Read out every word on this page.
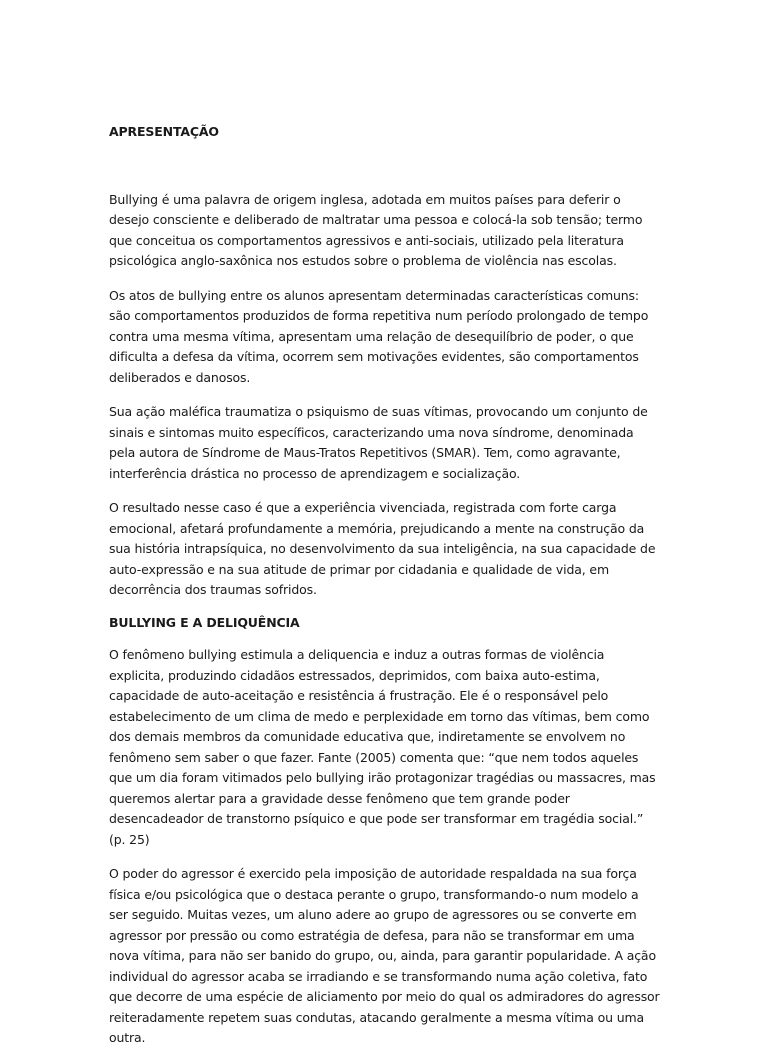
APRESENTAÇÃO

Bullying é uma palavra de origem inglesa, adotada em muitos países para deferir o desejo consciente e deliberado de maltratar uma pessoa e colocá-la sob tensão; termo que conceitua os comportamentos agressivos e anti-sociais, utilizado pela literatura psicológica anglo-saxônica nos estudos sobre o problema de violência nas escolas.

Os atos de bullying entre os alunos apresentam determinadas características comuns: são comportamentos produzidos de forma repetitiva num período prolongado de tempo contra uma mesma vítima, apresentam uma relação de desequilíbrio de poder, o que dificulta a defesa da vítima, ocorrem sem motivações evidentes, são comportamentos deliberados e danosos.

Sua ação maléfica traumatiza o psiquismo de suas vítimas, provocando um conjunto de sinais e sintomas muito específicos, caracterizando uma nova síndrome, denominada pela autora de Síndrome de Maus-Tratos Repetitivos (SMAR). Tem, como agravante, interferência drástica no processo de aprendizagem e socialização.

O resultado nesse caso é que a experiência vivenciada, registrada com forte carga emocional, afetará profundamente a memória, prejudicando a mente na construção da sua história intrapsíquica, no desenvolvimento da sua inteligência, na sua capacidade de auto-expressão e na sua atitude de primar por cidadania e qualidade de vida, em decorrência dos traumas sofridos.

BULLYING E A DELIQUÊNCIA

O fenômeno bullying estimula a deliquencia e induz a outras formas de violência explicita, produzindo cidadãos estressados, deprimidos, com baixa auto-estima, capacidade de auto-aceitação e resistência á frustração. Ele é o responsável pelo estabelecimento de um clima de medo e perplexidade em torno das vítimas, bem como dos demais membros da comunidade educativa que, indiretamente se envolvem no fenômeno sem saber o que fazer. Fante (2005) comenta que: “que nem todos aqueles que um dia foram vitimados pelo bullying irão protagonizar tragédias ou massacres, mas queremos alertar para a gravidade desse fenômeno que tem grande poder desencadeador de transtorno psíquico e que pode ser transformar em tragédia social.” (p. 25)

O poder do agressor é exercido pela imposição de autoridade respaldada na sua força física e/ou psicológica que o destaca perante o grupo, transformando-o num modelo a ser seguido. Muitas vezes, um aluno adere ao grupo de agressores ou se converte em agressor por pressão ou como estratégia de defesa, para não se transformar em uma nova vítima, para não ser banido do grupo, ou, ainda, para garantir popularidade. A ação individual do agressor acaba se irradiando e se transformando numa ação coletiva, fato que decorre de uma espécie de aliciamento por meio do qual os admiradores do agressor reiteradamente repetem suas condutas, atacando geralmente a mesma vítima ou uma outra.
